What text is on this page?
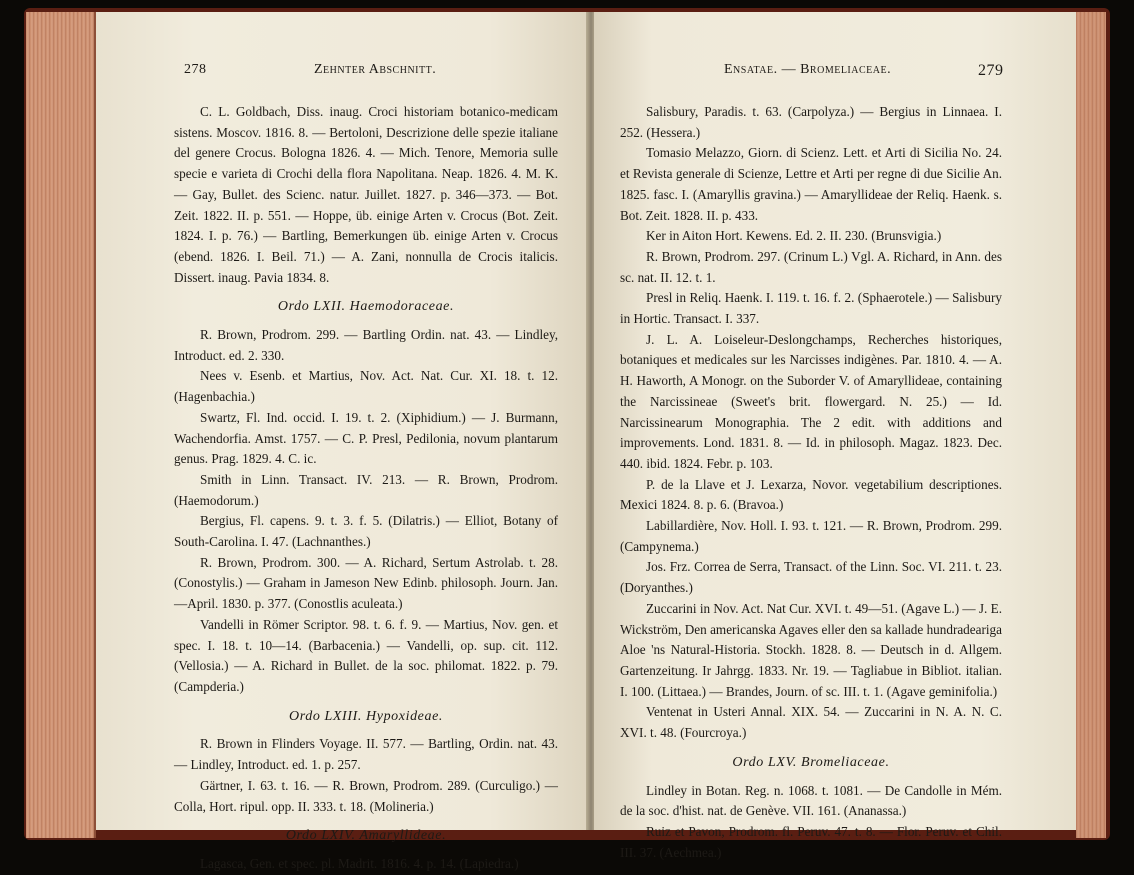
278	Zehnter Abschnitt.

C. L. Goldbach, Diss. inaug. Croci historiam botanico-medicam sistens. Moscov. 1816. 8. — Bertoloni, Descrizione delle spezie italiane del genere Crocus. Bologna 1826. 4. — Mich. Tenore, Memoria sulle specie e varieta di Crochi della flora Napolitana. Neap. 1826. 4. M. K. — Gay, Bullet. des Scienc. natur. Juillet. 1827. p. 346—373. — Bot. Zeit. 1822. II. p. 551. — Hoppe, üb. einige Arten v. Crocus (Bot. Zeit. 1824. I. p. 76.) — Bartling, Bemerkungen üb. einige Arten v. Crocus (ebend. 1826. I. Beil. 71.) — A. Zani, nonnulla de Crocis italicis. Dissert. inaug. Pavia 1834. 8.

Ordo LXII. Haemodoraceae.

R. Brown, Prodrom. 299. — Bartling Ordin. nat. 43. — Lindley, Introduct. ed. 2. 330.

Nees v. Esenb. et Martius, Nov. Act. Nat. Cur. XI. 18. t. 12. (Hagenbachia.)

Swartz, Fl. Ind. occid. I. 19. t. 2. (Xiphidium.) — J. Burmann, Wachendorfia. Amst. 1757. — C. P. Presl, Pedilonia, novum plantarum genus. Prag. 1829. 4. C. ic.

Smith in Linn. Transact. IV. 213. — R. Brown, Prodrom. (Haemodorum.)

Bergius, Fl. capens. 9. t. 3. f. 5. (Dilatris.) — Elliot, Botany of South-Carolina. I. 47. (Lachnanthes.)

R. Brown, Prodrom. 300. — A. Richard, Sertum Astrolab. t. 28. (Conostylis.) — Graham in Jameson New Edinb. philosoph. Journ. Jan.—April. 1830. p. 377. (Conostlis aculeata.)

Vandelli in Römer Scriptor. 98. t. 6. f. 9. — Martius, Nov. gen. et spec. I. 18. t. 10—14. (Barbacenia.) — Vandelli, op. sup. cit. 112. (Vellosia.) — A. Richard in Bullet. de la soc. philomat. 1822. p. 79. (Campderia.)

Ordo LXIII. Hypoxideae.

R. Brown in Flinders Voyage. II. 577. — Bartling, Ordin. nat. 43. — Lindley, Introduct. ed. 1. p. 257.

Gärtner, I. 63. t. 16. — R. Brown, Prodrom. 289. (Curculigo.) — Colla, Hort. ripul. opp. II. 333. t. 18. (Molineria.)

Ordo LXIV. Amaryllideae.

Lagasca, Gen. et spec. pl. Madrit. 1816. 4. p. 14. (Lapiedra.)

Ensatae. — Bromeliaceae.	279

Salisbury, Paradis. t. 63. (Carpolyza.) — Bergius in Linnaea. I. 252. (Hessera.)

Tomasio Melazzo, Giorn. di Scienz. Lett. et Arti di Sicilia No. 24. et Revista generale di Scienze, Lettre et Arti per regne di due Sicilie An. 1825. fasc. I. (Amaryllis gravina.) — Amaryllideae der Reliq. Haenk. s. Bot. Zeit. 1828. II. p. 433.

Ker in Aiton Hort. Kewens. Ed. 2. II. 230. (Brunsvigia.)

R. Brown, Prodrom. 297. (Crinum L.) Vgl. A. Richard, in Ann. des sc. nat. II. 12. t. 1.

Presl in Reliq. Haenk. I. 119. t. 16. f. 2. (Sphaerotele.) — Salisbury in Hortic. Transact. I. 337.

J. L. A. Loiseleur-Deslongchamps, Recherches historiques, botaniques et medicales sur les Narcisses indigènes. Par. 1810. 4. — A. H. Haworth, A Monogr. on the Suborder V. of Amaryllideae, containing the Narcissineae (Sweet's brit. flowergard. N. 25.) — Id. Narcissinearum Monographia. The 2 edit. with additions and improvements. Lond. 1831. 8. — Id. in philosoph. Magaz. 1823. Dec. 440. ibid. 1824. Febr. p. 103.

P. de la Llave et J. Lexarza, Novor. vegetabilium descriptiones. Mexici 1824. 8. p. 6. (Bravoa.)

Labillardière, Nov. Holl. I. 93. t. 121. — R. Brown, Prodrom. 299. (Campynema.)

Jos. Frz. Correa de Serra, Transact. of the Linn. Soc. VI. 211. t. 23. (Doryanthes.)

Zuccarini in Nov. Act. Nat Cur. XVI. t. 49—51. (Agave L.) — J. E. Wickström, Den americanska Agaves eller den sa kallade hundradeariga Aloe 'ns Natural-Historia. Stockh. 1828. 8. — Deutsch in d. Allgem. Gartenzeitung. Ir Jahrgg. 1833. Nr. 19. — Tagliabue in Bibliot. italian. I. 100. (Littaea.) — Brandes, Journ. of sc. III. t. 1. (Agave geminifolia.)

Ventenat in Usteri Annal. XIX. 54. — Zuccarini in N. A. N. C. XVI. t. 48. (Fourcroya.)

Ordo LXV. Bromeliaceae.

Lindley in Botan. Reg. n. 1068. t. 1081. — De Candolle in Mém. de la soc. d'hist. nat. de Genève. VII. 161. (Ananassa.)

Ruiz et Pavon, Prodrom. fl. Peruv. 47. t. 8. — Flor. Peruv. et Chil. III. 37. (Aechmea.)
